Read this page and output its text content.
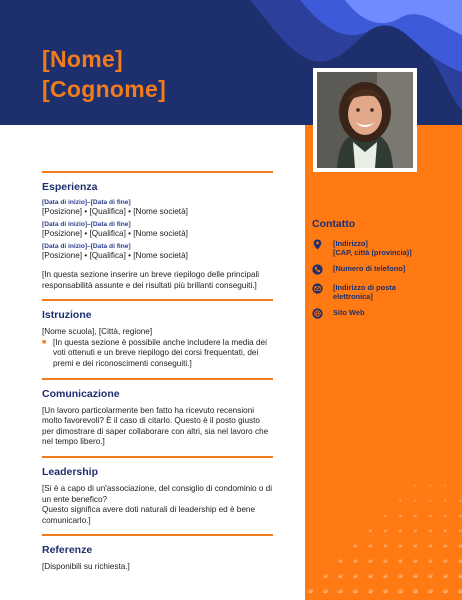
[Nome]
[Cognome]
Contatto
[Indirizzo]
[CAP, città (provincia)]
[Numero di telefono]
[Indirizzo di posta elettronica]
Sito Web
Esperienza
[Data di inizio]–[Data di fine]
[Posizione] • [Qualifica] • [Nome società]
[Data di inizio]–[Data di fine]
[Posizione] • [Qualifica] • [Nome società]
[Data di inizio]–[Data di fine]
[Posizione] • [Qualifica] • [Nome società]
[In questa sezione inserire un breve riepilogo delle principali responsabilità assunte e dei risultati più brillanti conseguiti.]
Istruzione
[Nome scuola], [Città, regione]
■ [In questa sezione è possibile anche includere la media dei voti ottenuti e un breve riepilogo dei corsi frequentati, dei premi e dei riconoscimenti conseguiti.]
Comunicazione
[Un lavoro particolarmente ben fatto ha ricevuto recensioni molto favorevoli? È il caso di citarlo. Questo è il posto giusto per dimostrare di saper collaborare con altri, sia nel lavoro che nel tempo libero.]
Leadership
[Si è a capo di un'associazione, del consiglio di condominio o di un ente benefico?
Questo significa avere doti naturali di leadership ed è bene comunicarlo.]
Referenze
[Disponibili su richiesta.]
